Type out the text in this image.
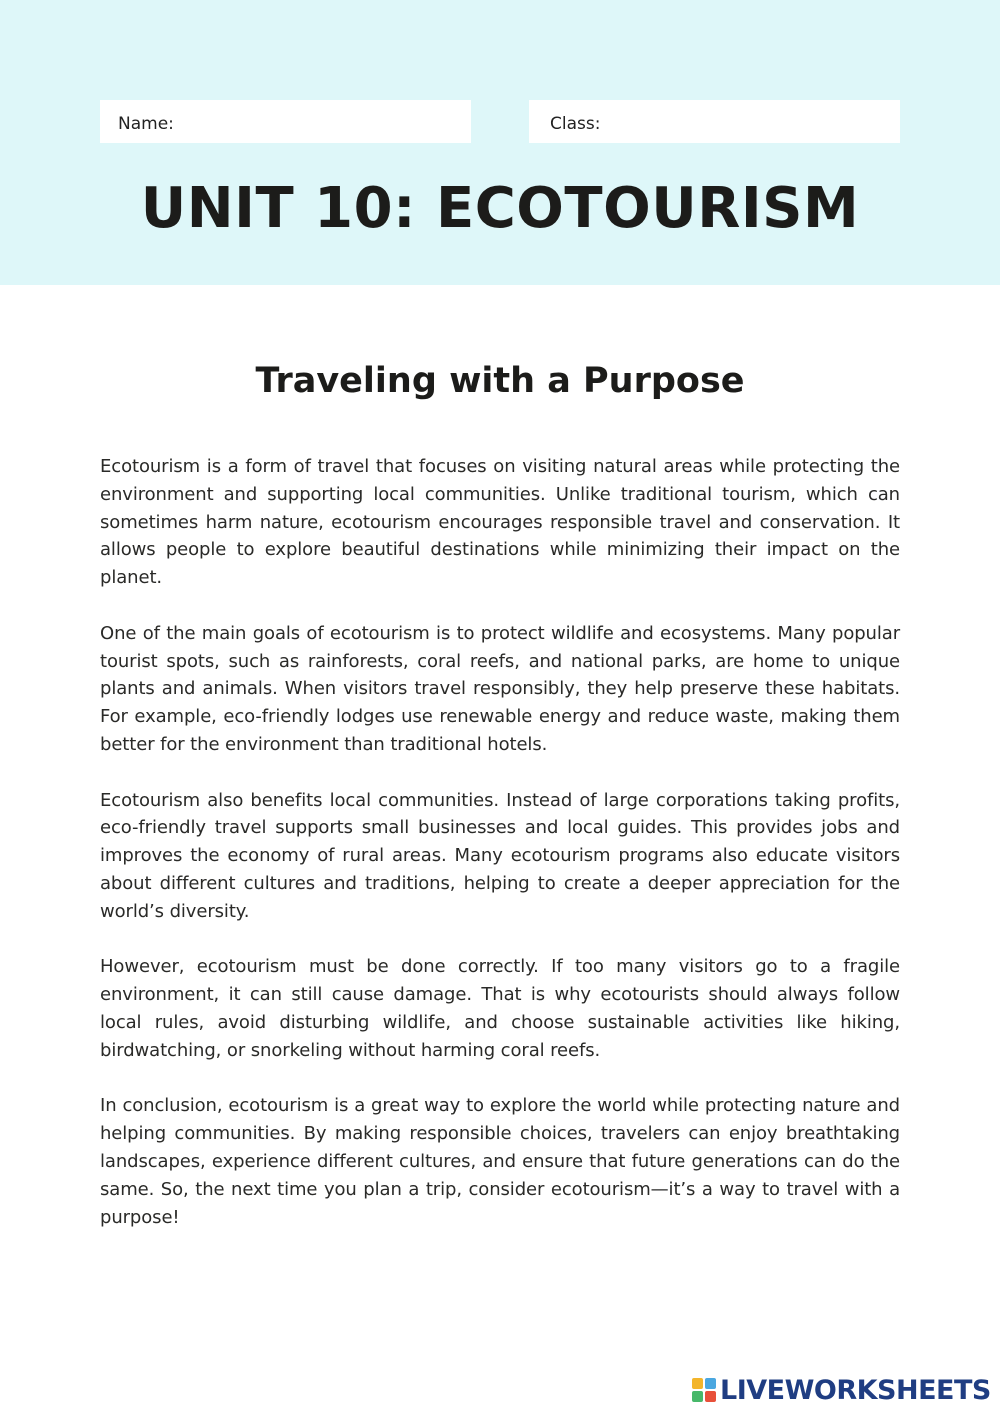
Name:	Class:
UNIT 10: ECOTOURISM
Traveling with a Purpose

Ecotourism is a form of travel that focuses on visiting natural areas while protecting the environment and supporting local communities. Unlike traditional tourism, which can sometimes harm nature, ecotourism encourages responsible travel and conservation. It allows people to explore beautiful destinations while minimizing their impact on the planet.

One of the main goals of ecotourism is to protect wildlife and ecosystems. Many popular tourist spots, such as rainforests, coral reefs, and national parks, are home to unique plants and animals. When visitors travel responsibly, they help preserve these habitats. For example, eco-friendly lodges use renewable energy and reduce waste, making them better for the environment than traditional hotels.

Ecotourism also benefits local communities. Instead of large corporations taking profits, eco-friendly travel supports small businesses and local guides. This provides jobs and improves the economy of rural areas. Many ecotourism programs also educate visitors about different cultures and traditions, helping to create a deeper appreciation for the world’s diversity.

However, ecotourism must be done correctly. If too many visitors go to a fragile environment, it can still cause damage. That is why ecotourists should always follow local rules, avoid disturbing wildlife, and choose sustainable activities like hiking, birdwatching, or snorkeling without harming coral reefs.

In conclusion, ecotourism is a great way to explore the world while protecting nature and helping communities. By making responsible choices, travelers can enjoy breathtaking landscapes, experience different cultures, and ensure that future generations can do the same. So, the next time you plan a trip, consider ecotourism—it’s a way to travel with a purpose!

LIVEWORKSHEETS
